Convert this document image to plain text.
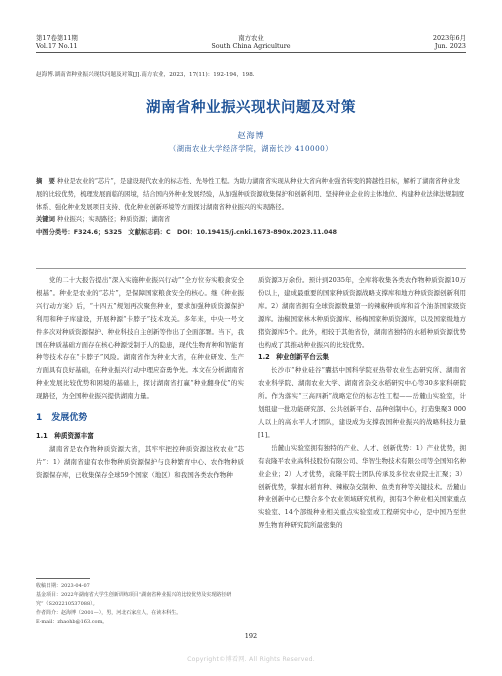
第17卷第11期
Vol.17 No.11
南方农业
South China Agriculture
2023年6月
Jun. 2023
赵海博.湖南省种业振兴现状问题及对策[J].南方农业，2023，17(11)：192-194，198.
湖南省种业振兴现状问题及对策
赵海博
（湖南农业大学经济学院，湖南长沙 410000）

摘　要 种业是农业的“芯片”，是建设现代农业的标志性、先导性工程。为助力湖南省实现从种业大省向种业强省转变的跨越性目标，解析了湖南省种业发展的比较优势，梳理发展面临的困境，结合国内外种业发展经验，从加强种质资源收集保护和创新利用、坚持种业企业的主体地位、构建种业法律法规制度体系、强化种业发展项目支持、优化种业创新环境等方面探讨湖南省种业振兴的实现路径。

关键词 种业振兴；实现路径；种质资源；湖南省

中图分类号：F324.6；S325　文献标志码：C　DOI：10.19415/j.cnki.1673-890x.2023.11.048

党的二十大报告提出“深入实施种业振兴行动”“全方位夯实粮食安全根基”。种业是农业的“芯片”，是保障国家粮食安全的核心。继《种业振兴行动方案》后，“十四五”规划再次聚焦种业，要求加强种质资源保护利用和种子库建设，开展种源“卡脖子”技术攻关。多年来，中央一号文件多次对种质资源保护、种业科技自主创新等作出了全面部署。当下，我国在种质基础方面存在核心种源受制于人的隐患，现代生物育种和智能育种等技术存在“卡脖子”风险。湖南省作为种业大省，在种业研发、生产方面具有良好基础，在种业振兴行动中理应奋勇争先。本文在分析湖南省种业发展比较优势和困境的基础上，探讨湖南省打赢“种业翻身仗”的实现路径，为全国种业振兴提供湖南力量。

1　发展优势
1.1　种质资源丰富

湖南省是农作物种质资源大省，其牢牢把控种质资源这枚农业“芯片”：1）湖南省建有农作物种质资源保护与良种繁育中心、农作物种质资源保存库，已收集保存全球59个国家（地区）和我国各类农作物种

质资源3万余份。预计到2035年，全库将收集各类农作物种质资源10万份以上，建成最重要的国家种质资源战略支撑库和地方种质资源创新利用库。2）湖南省拥有全球资源数量第一的辣椒种质库和首个油茶国家级资源库。油椒国家林木种质资源库、杨梅国家种质资源库，以及国家级地方猪资源库5个。此外，相较于其他省份，湖南省独特的水稻种质资源优势也构成了其推动种业振兴的比较优势。

1.2　种业创新平台云集

长沙市“种业硅谷”囊括中国科学院亚热带农业生态研究所、湖南省农业科学院、湖南农业大学、湖南省杂交水稻研究中心等30多家科研院所。作为落实“三高四新”战略定位的标志性工程——岳麓山实验室，计划组建一批功能研究部、公共创新平台、品种创制中心，打造集聚3 000人以上的高水平人才团队，建设成为支撑我国种业振兴的战略科技力量[1]。

岳麓山实验室拥有独特的产业、人才、创新优势：1）产业优势，拥有袁隆平农业高科技股份有限公司、华智生物技术有限公司等全国知名种业企业；2）人才优势，袁隆平院士团队传承及多位农业院士汇聚；3）创新优势，掌握水稻育种、辣椒杂交制种、鱼类育种等关键技术。岳麓山种业创新中心已整合多个农业领域研究机构，拥有3个种业相关国家重点实验室、14个部级种业相关重点实验室或工程研究中心，是中国乃至世界生物育种研究院所最密集的

收稿日期：2023-04-07
基金项目：2022年湖南省大学生创新训练项目“湖南省种业振兴的比较优势及实现路径研究”（S202210537088）。
作者简介：赵海博（2001—），男，河北石家庄人，在读本科生。
E-mail：zhaohb@163.com。
192
Copyright©博看网. All Rights Reserved.
